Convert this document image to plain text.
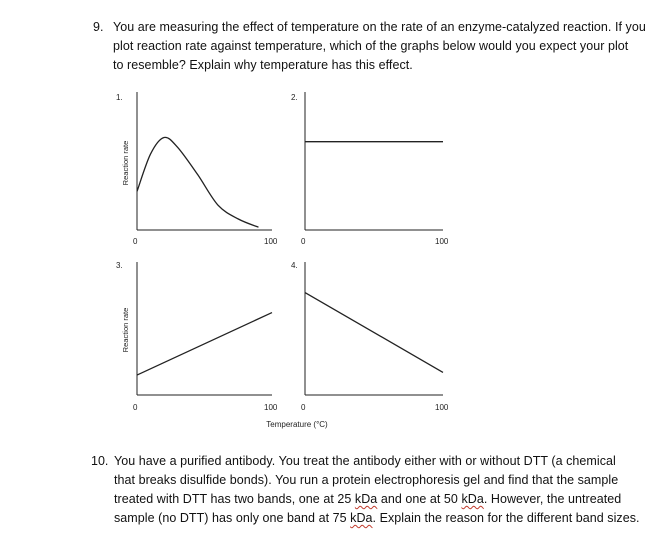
9. You are measuring the effect of temperature on the rate of an enzyme-catalyzed reaction. If you
plot reaction rate against temperature, which of the graphs below would you expect your plot
to resemble? Explain why temperature has this effect.
1.
Reaction rate
0	100
2.
0	100
3.
Reaction rate
0	100
4.
0	100
Temperature (°C)
10. You have a purified antibody. You treat the antibody either with or without DTT (a chemical
that breaks disulfide bonds). You run a protein electrophoresis gel and find that the sample
treated with DTT has two bands, one at 25 kDa and one at 50 kDa. However, the untreated
sample (no DTT) has only one band at 75 kDa. Explain the reason for the different band sizes.
